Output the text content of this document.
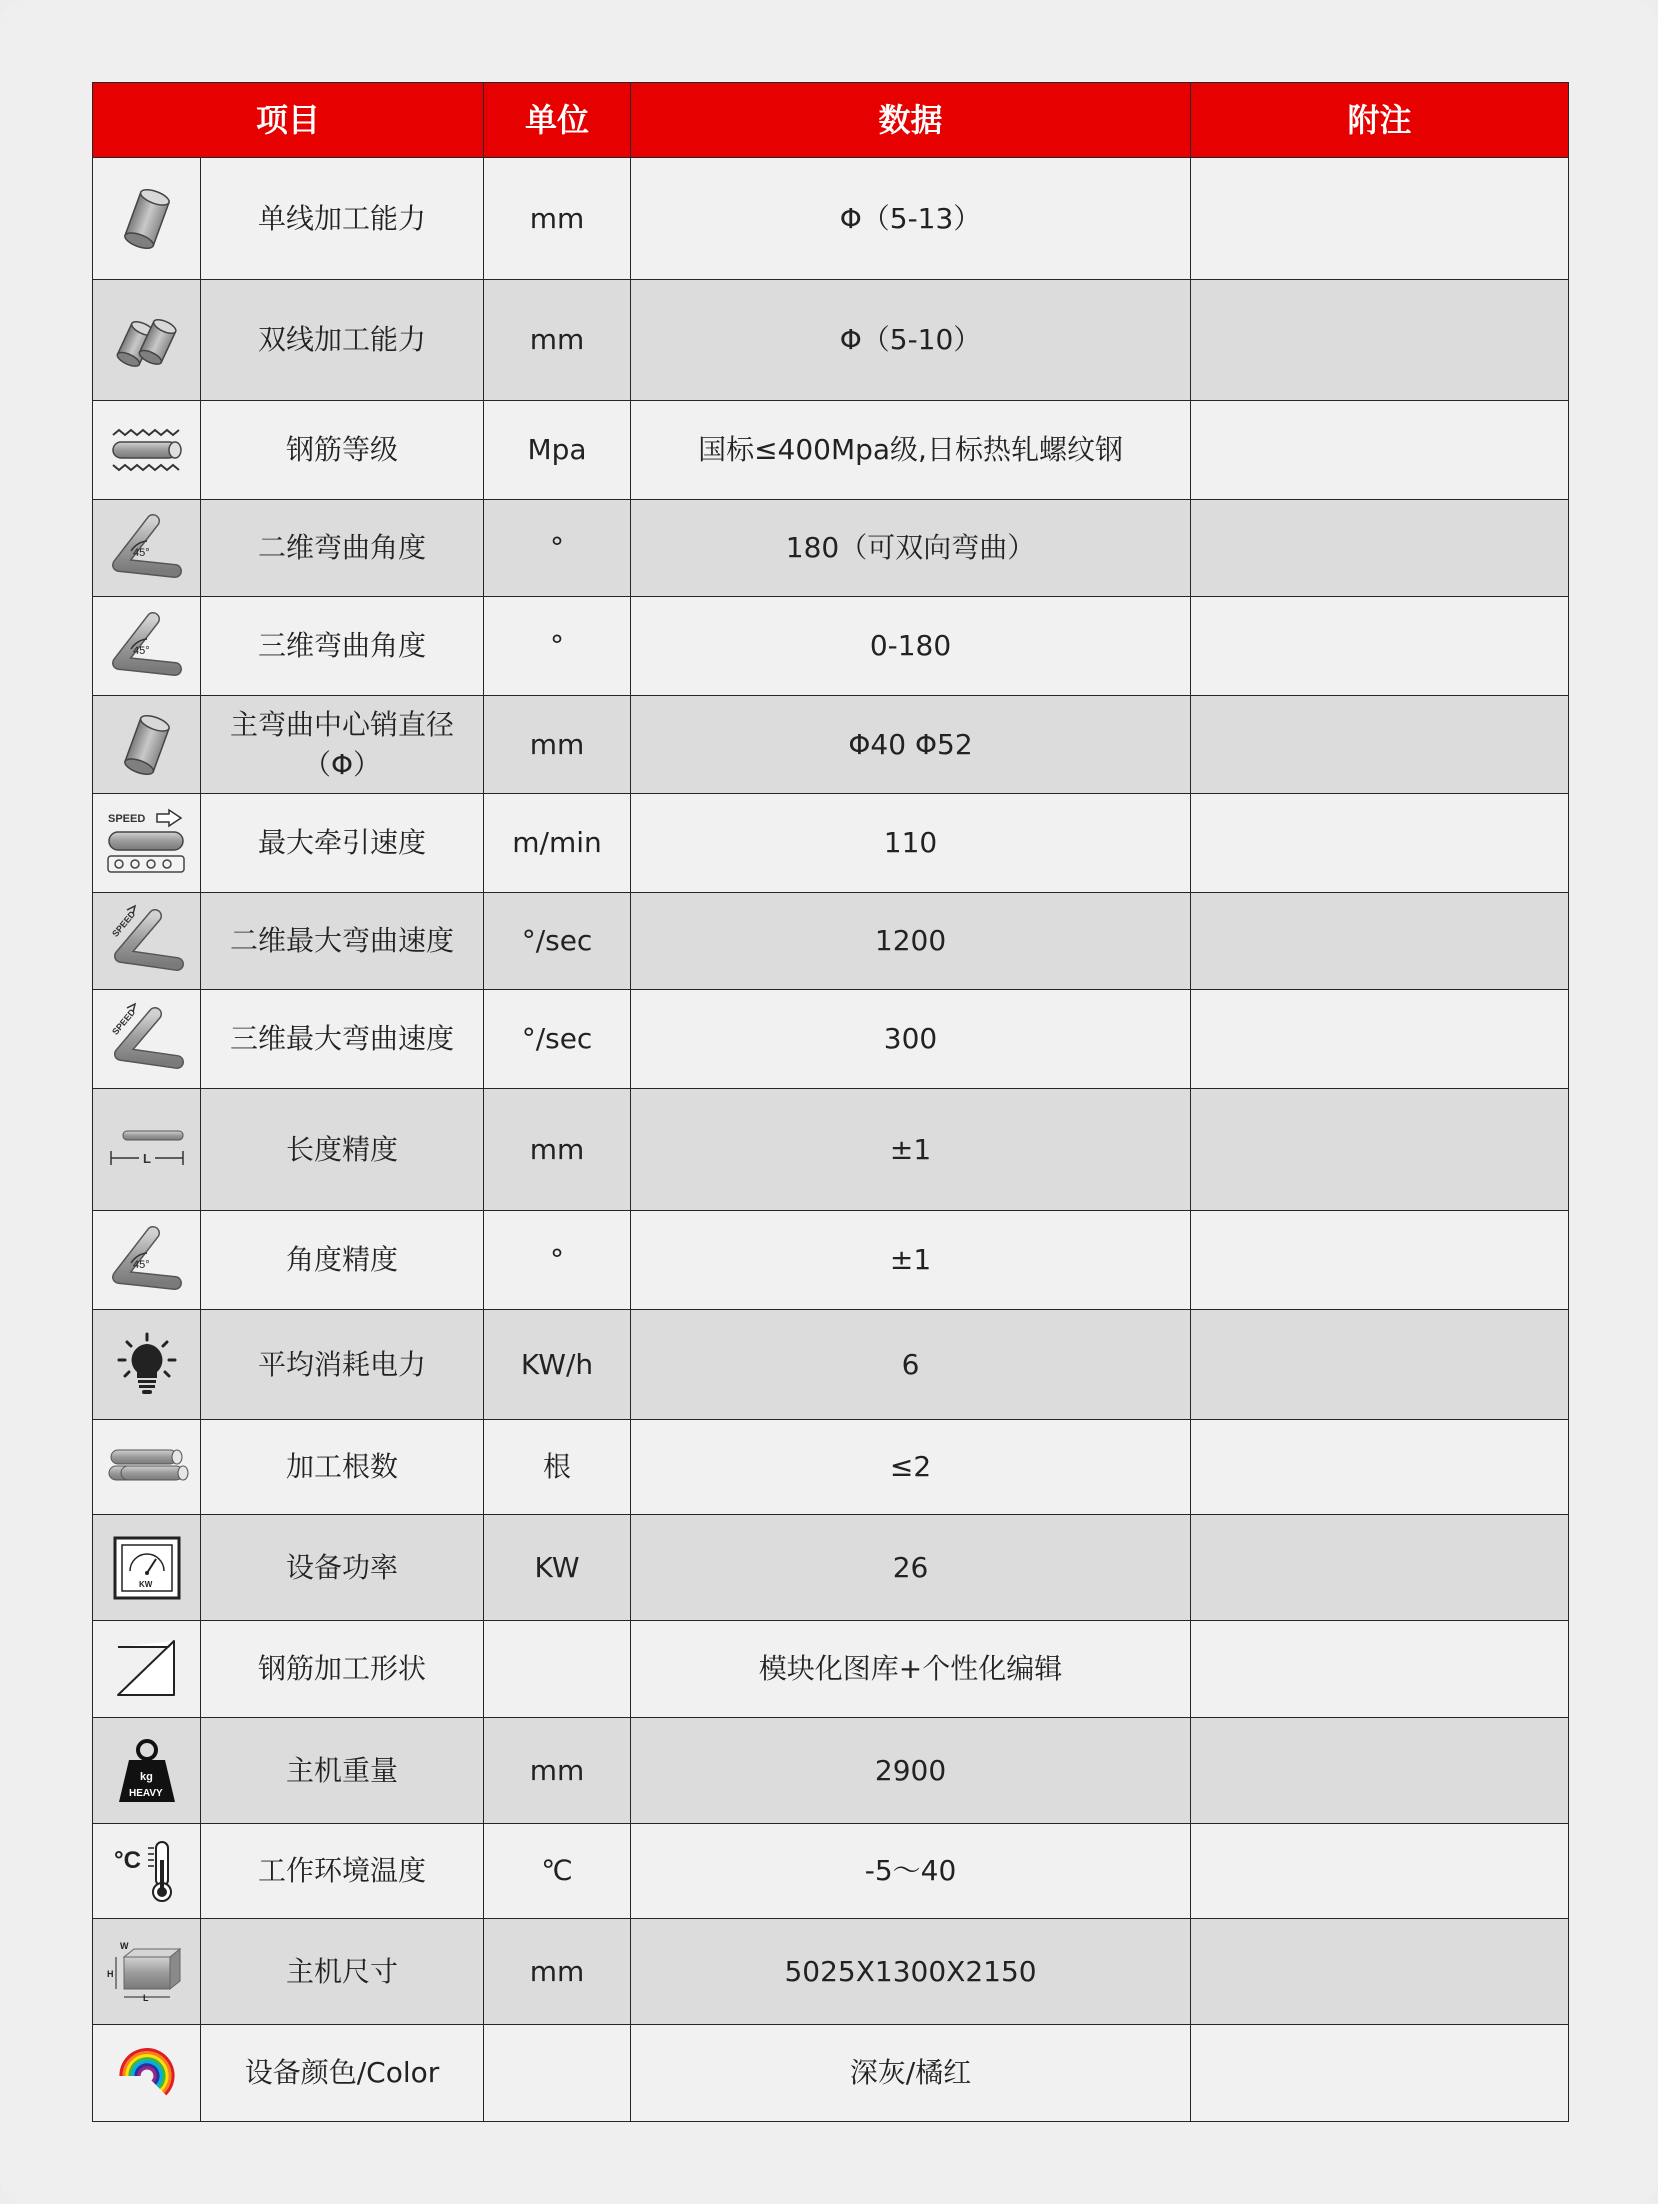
项目		单位	数据	附注

	单线加工能力	mm	Φ（5-13）	

	双线加工能力	mm	Φ（5-10）	

	钢筋等级	Mpa	国标≤400Mpa级,日标热轧螺纹钢	

45°	二维弯曲角度	°	180（可双向弯曲）	

45°	三维弯曲角度	°	0-180	

	主弯曲中心销直径（Φ）	mm	Φ40 Φ52	

SPEED	最大牵引速度	m/min	110	

SPEED	二维最大弯曲速度	°/sec	1200	

SPEED	三维最大弯曲速度	°/sec	300	

L	长度精度	mm	±1	

45°	角度精度	°	±1	

	平均消耗电力	KW/h	6	

	加工根数	根	≤2	

KW	设备功率	KW	26	

	钢筋加工形状		模块化图库+个性化编辑	

kg
HEAVY	主机重量	mm	2900	

°C	工作环境温度	℃	-5～40	

W
H
L	主机尺寸	mm	5025X1300X2150	

	设备颜色/Color		深灰/橘红	
